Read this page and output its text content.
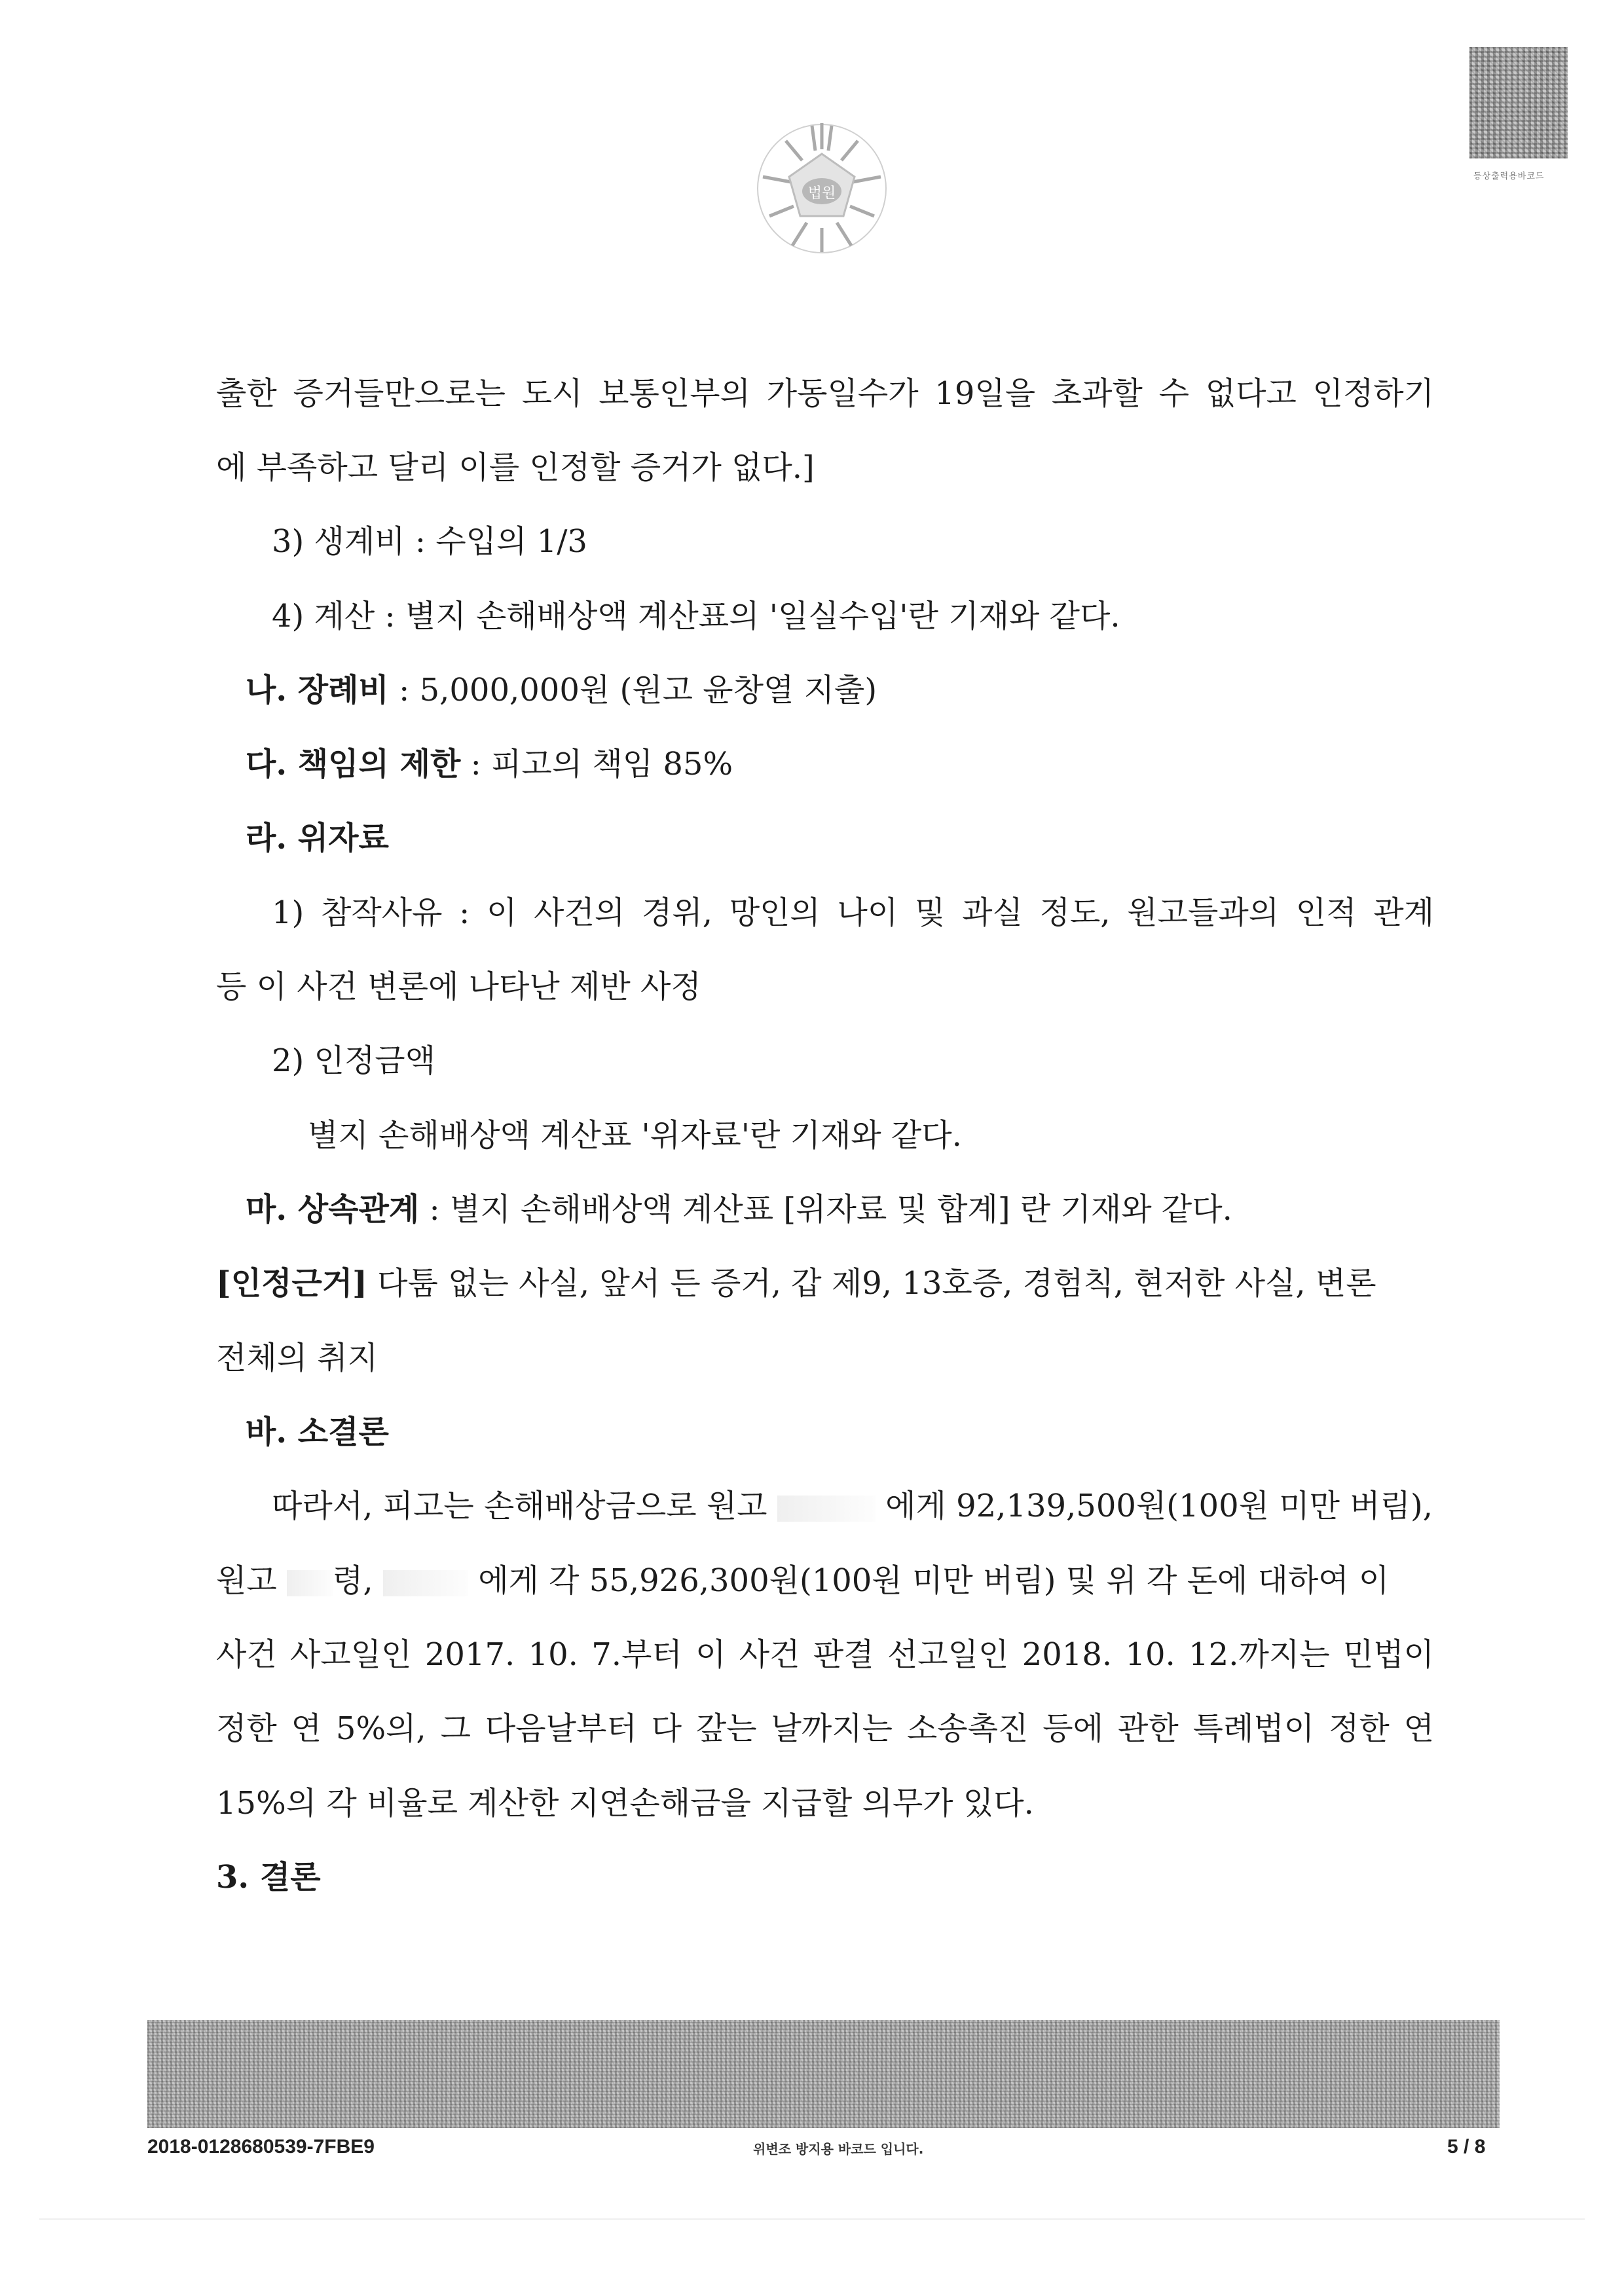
법원
등상출력용바코드
출한 증거들만으로는 도시 보통인부의 가동일수가 19일을 초과할 수 없다고 인정하기
에 부족하고 달리 이를 인정할 증거가 없다.]
3) 생계비 : 수입의 1/3
4) 계산 : 별지 손해배상액 계산표의 '일실수입'란 기재와 같다.
나. 장례비 : 5,000,000원 (원고 윤창열 지출)
다. 책임의 제한 : 피고의 책임 85%
라. 위자료
1) 참작사유 : 이 사건의 경위, 망인의 나이 및 과실 정도, 원고들과의 인적 관계
등 이 사건 변론에 나타난 제반 사정
2) 인정금액
별지 손해배상액 계산표 '위자료'란 기재와 같다.
마. 상속관계 : 별지 손해배상액 계산표 [위자료 및 합계] 란 기재와 같다.
[인정근거] 다툼 없는 사실, 앞서 든 증거, 갑 제9, 13호증, 경험칙, 현저한 사실, 변론
전체의 취지
바. 소결론
따라서, 피고는 손해배상금으로 원고	에게 92,139,500원(100원 미만 버림),
원고 령,	에게 각 55,926,300원(100원 미만 버림) 및 위 각 돈에 대하여 이
사건 사고일인 2017. 10. 7.부터 이 사건 판결 선고일인 2018. 10. 12.까지는 민법이
정한 연 5%의, 그 다음날부터 다 갚는 날까지는 소송촉진 등에 관한 특례법이 정한 연
15%의 각 비율로 계산한 지연손해금을 지급할 의무가 있다.
3. 결론
2018-0128680539-7FBE9	위변조 방지용 바코드 입니다.	5 / 8
